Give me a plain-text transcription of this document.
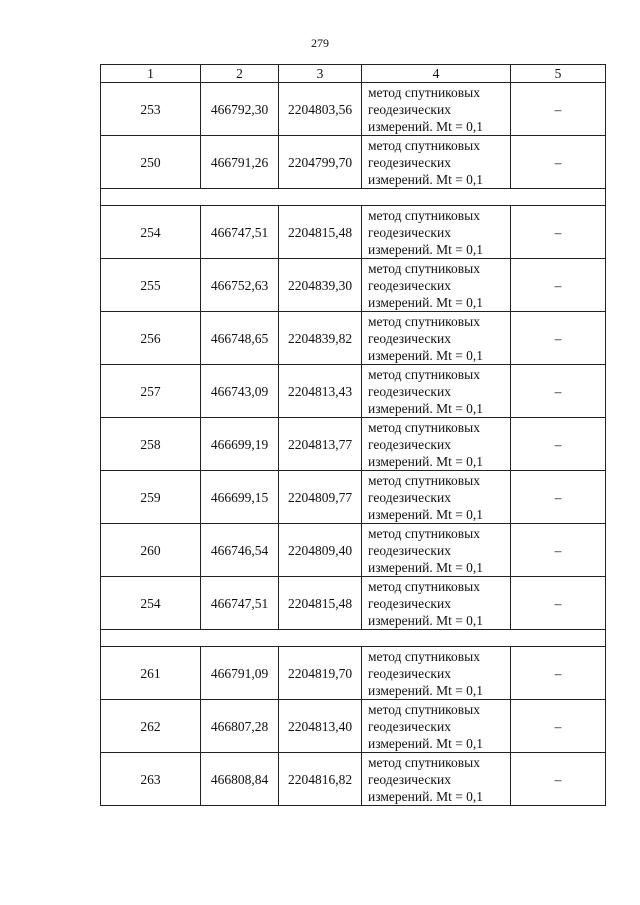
279
1	2	3	4	5
253	466792,30	2204803,56	метод спутниковых
геодезических
измерений. Mt = 0,1	–
250	466791,26	2204799,70	метод спутниковых
геодезических
измерений. Mt = 0,1	–

254	466747,51	2204815,48	метод спутниковых
геодезических
измерений. Mt = 0,1	–
255	466752,63	2204839,30	метод спутниковых
геодезических
измерений. Mt = 0,1	–
256	466748,65	2204839,82	метод спутниковых
геодезических
измерений. Mt = 0,1	–
257	466743,09	2204813,43	метод спутниковых
геодезических
измерений. Mt = 0,1	–
258	466699,19	2204813,77	метод спутниковых
геодезических
измерений. Mt = 0,1	–
259	466699,15	2204809,77	метод спутниковых
геодезических
измерений. Mt = 0,1	–
260	466746,54	2204809,40	метод спутниковых
геодезических
измерений. Mt = 0,1	–
254	466747,51	2204815,48	метод спутниковых
геодезических
измерений. Mt = 0,1	–

261	466791,09	2204819,70	метод спутниковых
геодезических
измерений. Mt = 0,1	–
262	466807,28	2204813,40	метод спутниковых
геодезических
измерений. Mt = 0,1	–
263	466808,84	2204816,82	метод спутниковых
геодезических
измерений. Mt = 0,1	–
